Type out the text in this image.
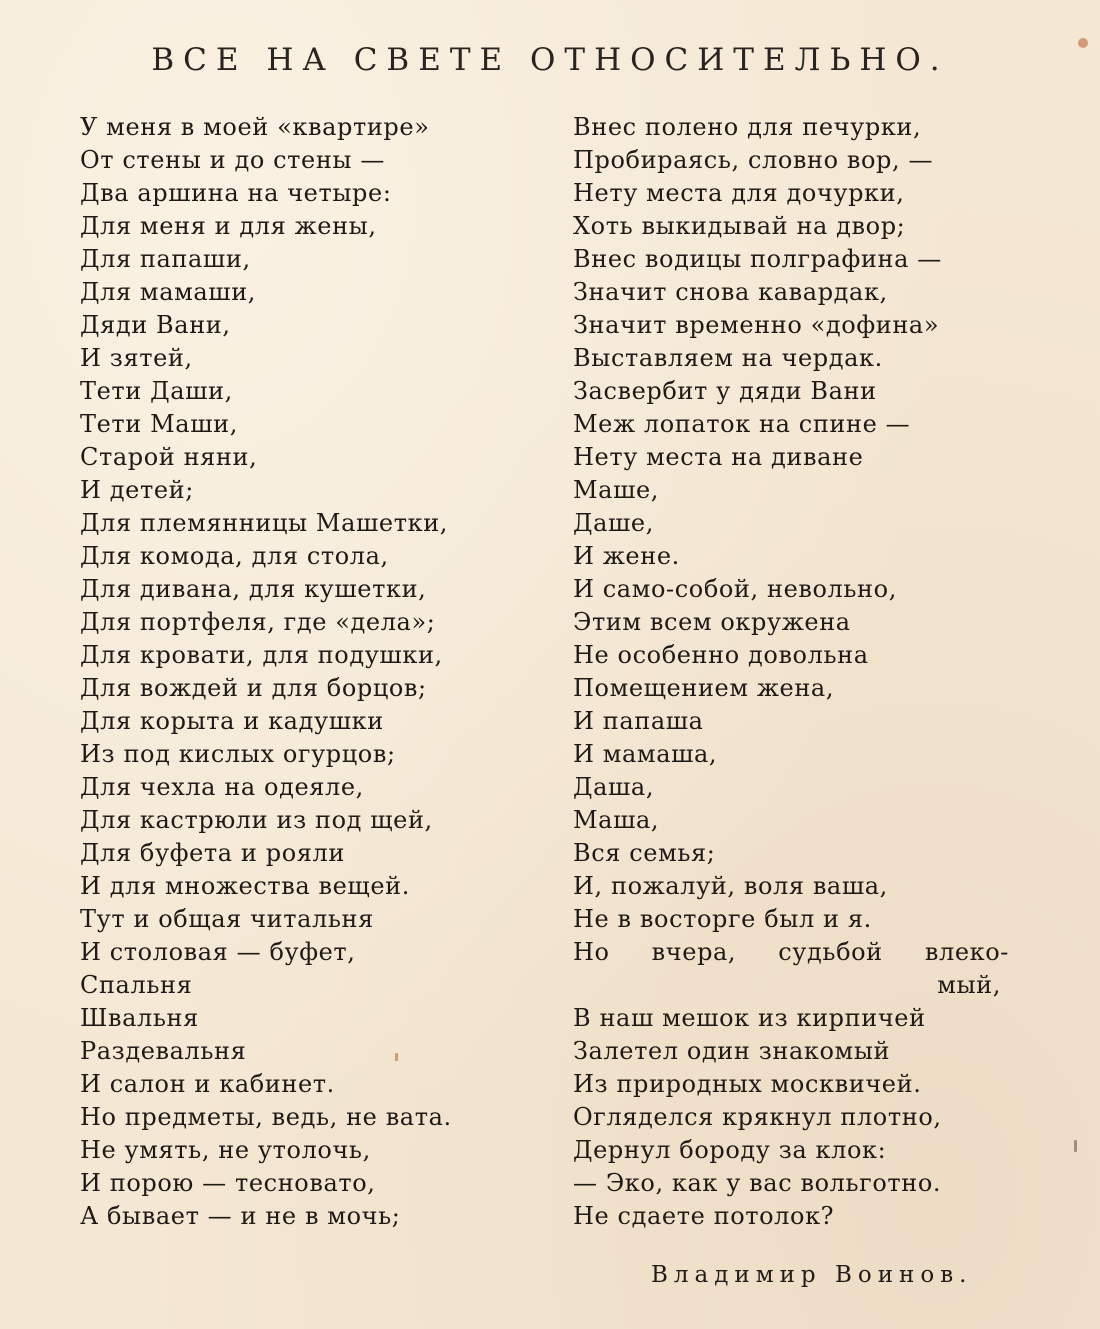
ВСЕ НА СВЕТЕ ОТНОСИТЕЛЬНО.
У меня в моей «квартире»
От стены и до стены —
Два аршина на четыре:
Для меня и для жены,
Для папаши,
Для мамаши,
Дяди Вани,
И зятей,
Тети Даши,
Тети Маши,
Старой няни,
И детей;
Для племянницы Машетки,
Для комода, для стола,
Для дивана, для кушетки,
Для портфеля, где «дела»;
Для кровати, для подушки,
Для вождей и для борцов;
Для корыта и кадушки
Из под кислых огурцов;
Для чехла на одеяле,
Для кастрюли из под щей,
Для буфета и рояли
И для множества вещей.
Тут и общая читальня
И столовая — буфет,
Спальня
Швальня
Раздевальня
И салон и кабинет.
Но предметы, ведь, не вата.
Не умять, не утолочь,
И порою — тесновато,
А бывает — и не в мочь;
Внес полено для печурки,
Пробираясь, словно вор, —
Нету места для дочурки,
Хоть выкидывай на двор;
Внес водицы полграфина —
Значит снова кавардак,
Значит временно «дофина»
Выставляем на чердак.
Засвербит у дяди Вани
Меж лопаток на спине —
Нету места на диване
Маше,
Даше,
И жене.
И само-собой, невольно,
Этим всем окружена
Не особенно довольна
Помещением жена,
И папаша
И мамаша,
Даша,
Маша,
Вся семья;
И, пожалуй, воля ваша,
Не в восторге был и я.
Но вчера, судьбой влеко-
мый,
В наш мешок из кирпичей
Залетел один знакомый
Из природных москвичей.
Огляделся крякнул плотно,
Дернул бороду за клок:
— Эко, как у вас вольготно.
Не сдаете потолок?
Владимир Воинов.
